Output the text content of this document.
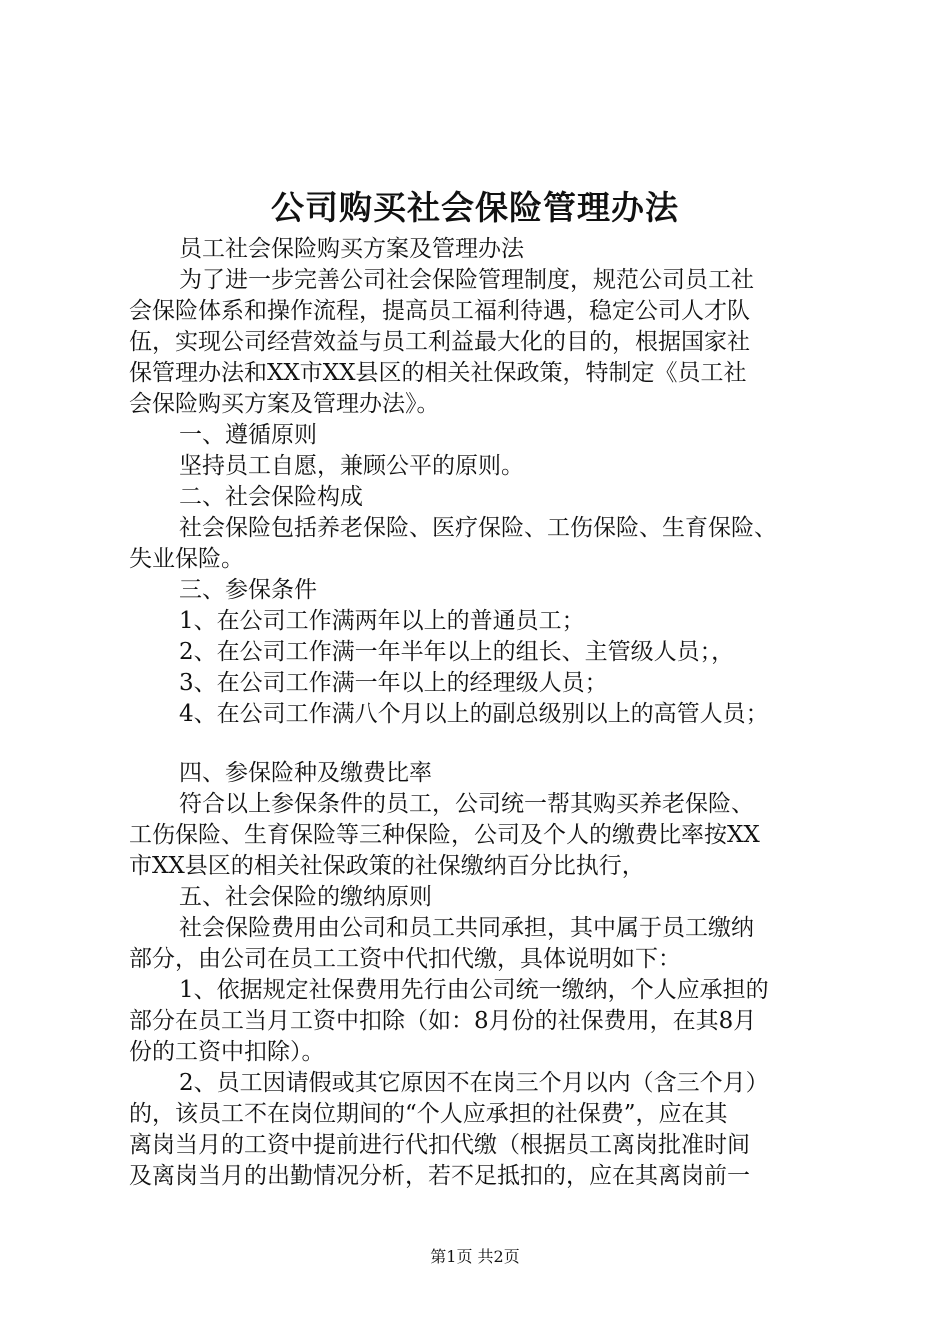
公司购买社会保险管理办法
员工社会保险购买方案及管理办法
为了进一步完善公司社会保险管理制度，规范公司员工社
会保险体系和操作流程，提高员工福利待遇，稳定公司人才队
伍，实现公司经营效益与员工利益最大化的目的，根据国家社
保管理办法和XX市XX县区的相关社保政策，特制定《员工社
会保险购买方案及管理办法》。
一、遵循原则
坚持员工自愿，兼顾公平的原则。
二、社会保险构成
社会保险包括养老保险、医疗保险、工伤保险、生育保险、
失业保险。
三、参保条件
1、在公司工作满两年以上的普通员工；
2、在公司工作满一年半年以上的组长、主管级人员；，
3、在公司工作满一年以上的经理级人员；
4、在公司工作满八个月以上的副总级别以上的高管人员；
四、参保险种及缴费比率
符合以上参保条件的员工，公司统一帮其购买养老保险、
工伤保险、生育保险等三种保险，公司及个人的缴费比率按XX
市XX县区的相关社保政策的社保缴纳百分比执行，
五、社会保险的缴纳原则
社会保险费用由公司和员工共同承担，其中属于员工缴纳
部分，由公司在员工工资中代扣代缴，具体说明如下：
1、依据规定社保费用先行由公司统一缴纳，个人应承担的
部分在员工当月工资中扣除（如：8月份的社保费用，在其8月
份的工资中扣除）。
2、员工因请假或其它原因不在岗三个月以内（含三个月）
的，该员工不在岗位期间的“个人应承担的社保费”，应在其
离岗当月的工资中提前进行代扣代缴（根据员工离岗批准时间
及离岗当月的出勤情况分析，若不足抵扣的，应在其离岗前一
第1页 共2页
